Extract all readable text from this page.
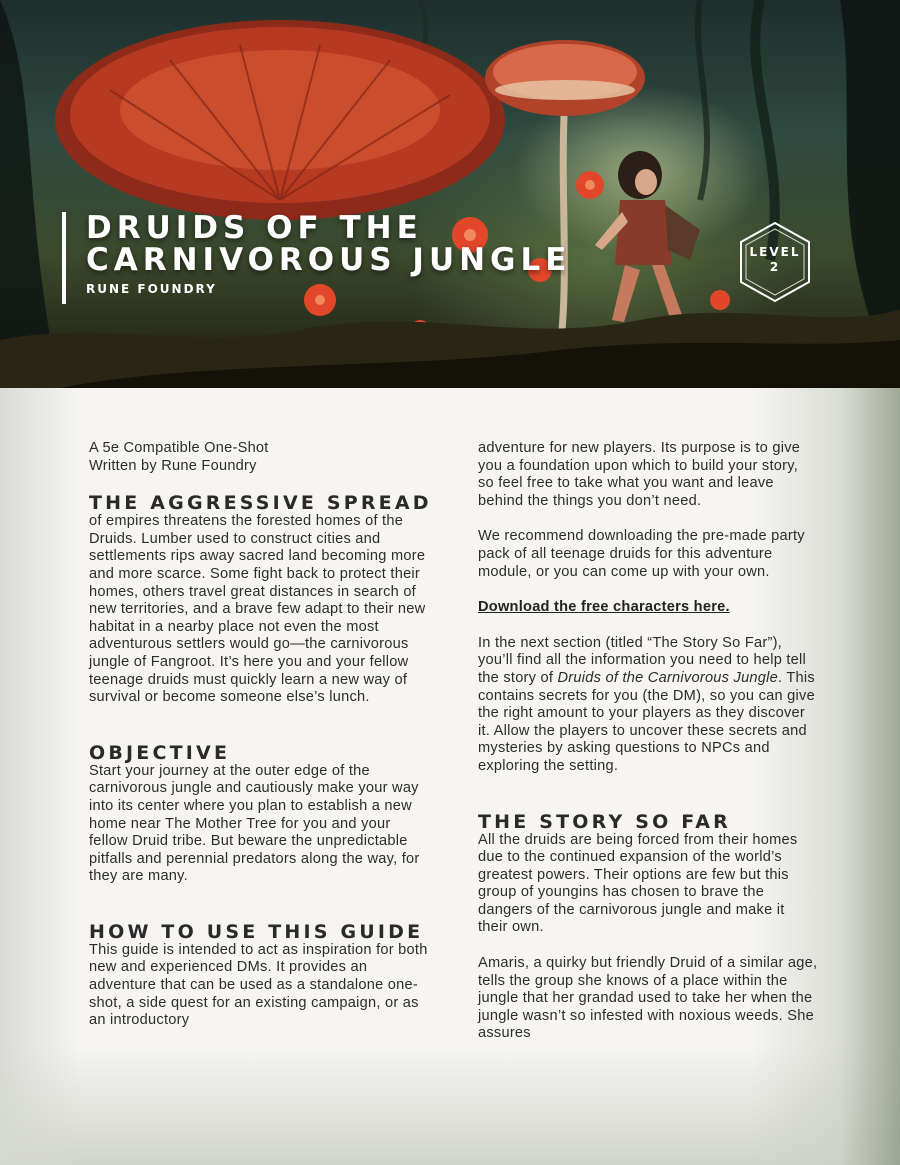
DRUIDS OF THE
CARNIVOROUS JUNGLE
RUNE FOUNDRY
LEVEL
2

A 5e Compatible One-Shot

Written by Rune Foundry

THE AGGRESSIVE SPREAD

of empires threatens the forested homes of the Druids. Lumber used to construct cities and settlements rips away sacred land becoming more and more scarce. Some fight back to protect their homes, others travel great distances in search of new territories, and a brave few adapt to their new habitat in a nearby place not even the most adventurous settlers would go—the carnivorous jungle of Fangroot. It’s here you and your fellow teenage druids must quickly learn a new way of survival or become someone else’s lunch.

OBJECTIVE

Start your journey at the outer edge of the carnivorous jungle and cautiously make your way into its center where you plan to establish a new home near The Mother Tree for you and your fellow Druid tribe. But beware the unpredictable pitfalls and perennial predators along the way, for they are many.

HOW TO USE THIS GUIDE

This guide is intended to act as inspiration for both new and experienced DMs. It provides an adventure that can be used as a standalone one-shot, a side quest for an existing campaign, or as an introductory

adventure for new players. Its purpose is to give you a foundation upon which to build your story, so feel free to take what you want and leave behind the things you don’t need.

We recommend downloading the pre-made party pack of all teenage druids for this adventure module, or you can come up with your own.

Download the free characters here.

In the next section (titled “The Story So Far”), you’ll find all the information you need to help tell the story of Druids of the Carnivorous Jungle. This contains secrets for you (the DM), so you can give the right amount to your players as they discover it. Allow the players to uncover these secrets and mysteries by asking questions to NPCs and exploring the setting.

THE STORY SO FAR

All the druids are being forced from their homes due to the continued expansion of the world’s greatest powers. Their options are few but this group of youngins has chosen to brave the dangers of the carnivorous jungle and make it their own.

Amaris, a quirky but friendly Druid of a similar age, tells the group she knows of a place within the jungle that her grandad used to take her when the jungle wasn’t so infested with noxious weeds. She assures
